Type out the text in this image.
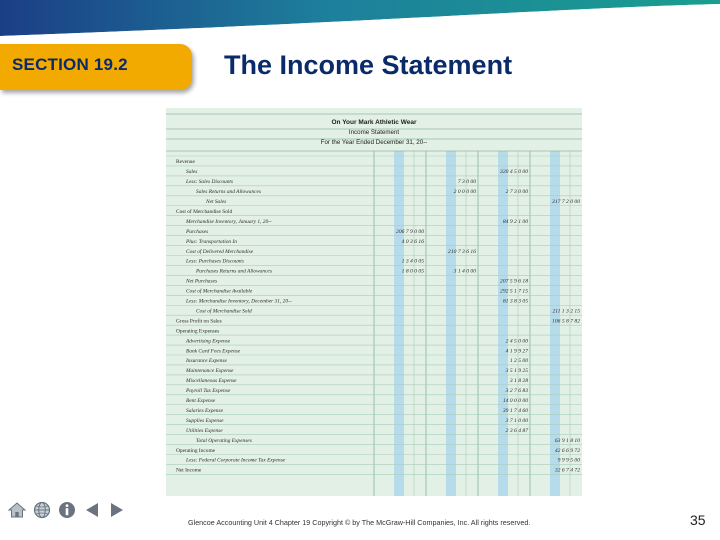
SECTION 19.2	The Income Statement
On Your Mark Athletic Wear
Income Statement
For the Year Ended December 31, 20--
Revenue
Sales	320 4 5 0 00
Less: Sales Discounts	7 3 0 00
Sales Returns and Allowances	2 0 0 0 00	2 7 3 0 00
Net Sales	317 7 2 0 00
Cost of Merchandise Sold
Merchandise Inventory, January 1, 20--	84 9 2 1 00
Purchases	206 7 9 0 00
Plus: Transportation In	4 0 3 6 16
Cost of Delivered Merchandise	210 7 3 6 16
Less: Purchases Discounts	1 3 4 0 05
Purchases Returns and Allowances	1 8 0 0 05	3 1 4 0 00
Net Purchases	207 5 9 6 18
Cost of Merchandise Available	292 5 1 7 15
Less: Merchandise Inventory, December 31, 20--	81 3 8 3 05
Cost of Merchandise Sold	211 1 3 2 15
Gross Profit on Sales	106 5 8 7 82
Operating Expenses
Advertising Expense	2 4 5 0 00
Bank Card Fees Expense	4 1 9 9 27
Insurance Expense	1 2 5 00
Maintenance Expense	3 5 1 9 25
Miscellaneous Expense	3 1 8 28
Payroll Tax Expense	3 2 7 6 83
Rent Expense	14 0 0 0 00
Salaries Expense	39 1 7 4 60
Supplies Expense	3 7 1 0 00
Utilities Expense	2 3 6 4 87
Total Operating Expenses	63 9 1 8 10
Operating Income	42 6 6 9 72
Less: Federal Corporate Income Tax Expense	9 9 9 5 00
Net Income	32 6 7 4 72
Glencoe Accounting Unit 4 Chapter 19 Copyright © by The McGraw-Hill Companies, Inc. All rights reserved.	35
